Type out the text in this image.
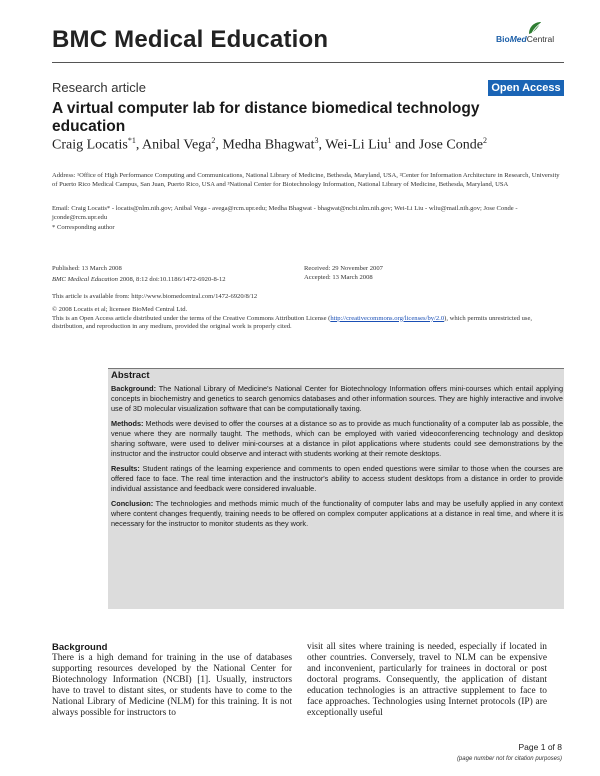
BMC Medical Education	BioMedCentral
Research article	Open Access
A virtual computer lab for distance biomedical technology education
Craig Locatis$^{*1}$, Anibal Vega$^2$, Medha Bhagwat$^3$, Wei-Li Liu$^1$ and Jose Conde$^2$
Address: ¹Office of High Performance Computing and Communications, National Library of Medicine, Bethesda, Maryland, USA, ²Center for Information Architecture in Research, University of Puerto Rico Medical Campus, San Juan, Puerto Rico, USA and ³National Center for Biotechnology Information, National Library of Medicine, Bethesda, Maryland, USA
Email: Craig Locatis* - locatis@nlm.nih.gov; Anibal Vega - avega@rcm.upr.edu; Medha Bhagwat - bhagwat@ncbi.nlm.nih.gov; Wei-Li Liu - wliu@mail.nih.gov; Jose Conde - jconde@rcm.upr.edu
* Corresponding author
Published: 13 March 2008
BMC Medical Education 2008, 8:12 doi:10.1186/1472-6920-8-12
Received: 29 November 2007
Accepted: 13 March 2008
This article is available from: http://www.biomedcentral.com/1472-6920/8/12
© 2008 Locatis et al; licensee BioMed Central Ltd.
This is an Open Access article distributed under the terms of the Creative Commons Attribution License (http://creativecommons.org/licenses/by/2.0), which permits unrestricted use, distribution, and reproduction in any medium, provided the original work is properly cited.
Abstract

Background: The National Library of Medicine's National Center for Biotechnology Information offers mini-courses which entail applying concepts in biochemistry and genetics to search genomics databases and other information sources. They are highly interactive and involve use of 3D molecular visualization software that can be computationally taxing.

Methods: Methods were devised to offer the courses at a distance so as to provide as much functionality of a computer lab as possible, the venue where they are normally taught. The methods, which can be employed with varied videoconferencing technology and desktop sharing software, were used to deliver mini-courses at a distance in pilot applications where students could see demonstrations by the instructor and the instructor could observe and interact with students working at their remote desktops.

Results: Student ratings of the learning experience and comments to open ended questions were similar to those when the courses are offered face to face. The real time interaction and the instructor's ability to access student desktops from a distance in order to provide individual assistance and feedback were considered invaluable.

Conclusion: The technologies and methods mimic much of the functionality of computer labs and may be usefully applied in any context where content changes frequently, training needs to be offered on complex computer applications at a distance in real time, and where it is necessary for the instructor to monitor students as they work.

Background

There is a high demand for training in the use of databases supporting resources developed by the National Center for Biotechnology Information (NCBI) [1]. Usually, instructors have to travel to distant sites, or students have to come to the National Library of Medicine (NLM) for this training. It is not always possible for instructors to

visit all sites where training is needed, especially if located in other countries. Conversely, travel to NLM can be expensive and inconvenient, particularly for trainees in doctoral or post doctoral programs. Consequently, the application of distant education technologies is an attractive supplement to face to face approaches. Technologies using Internet protocols (IP) are exceptionally useful

Page 1 of 8
(page number not for citation purposes)
